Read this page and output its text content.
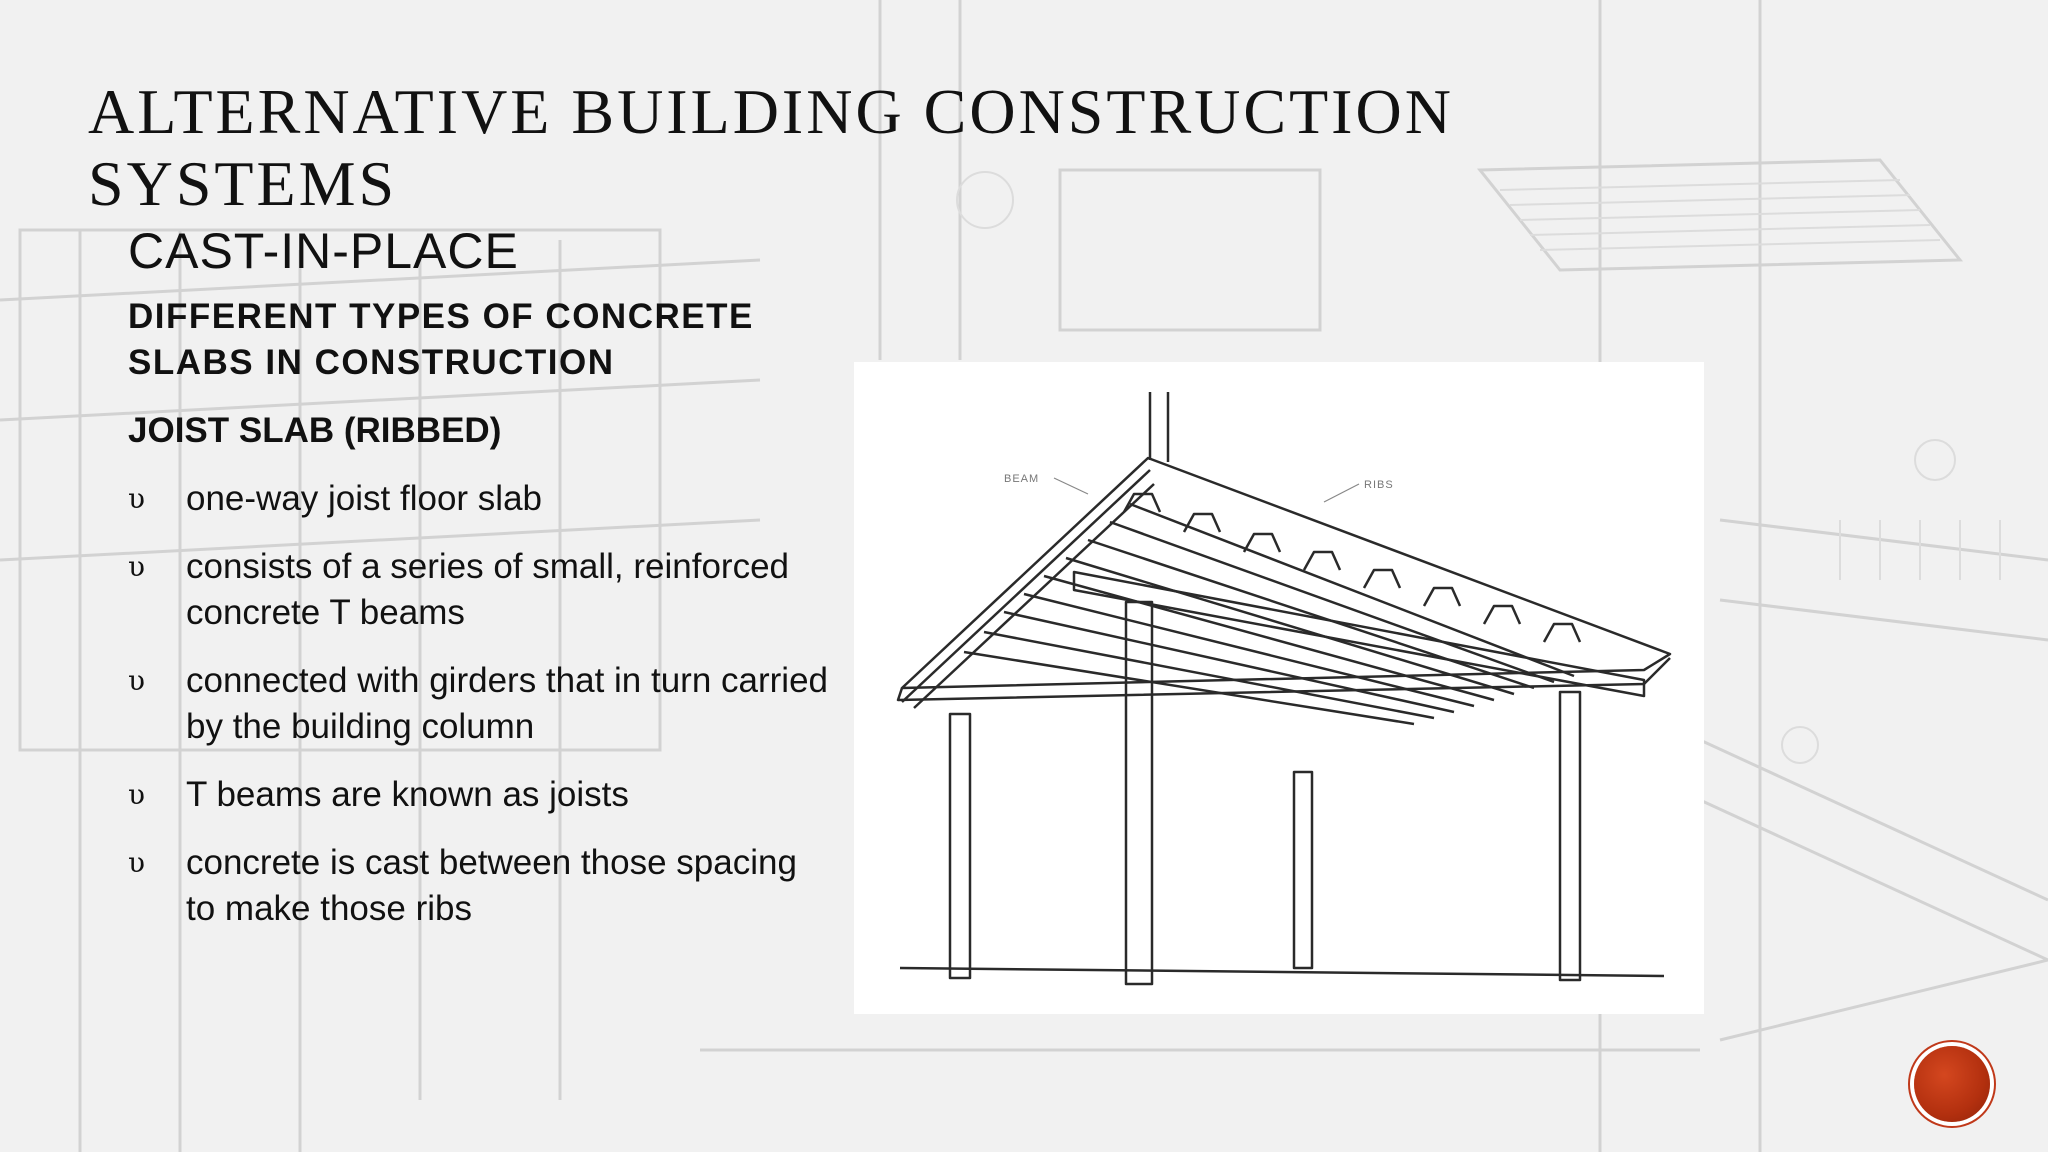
ALTERNATIVE BUILDING CONSTRUCTION SYSTEMS
CAST-IN-PLACE

DIFFERENT TYPES OF CONCRETE SLABS IN CONSTRUCTION

JOIST SLAB (RIBBED)

υ one-way joist floor slab
υ consists of a series of small, reinforced concrete T beams
υ connected with girders that in turn carried by the building column
υ T beams are known as joists
υ concrete is cast between those spacing to make those ribs
BEAM	RIBS
